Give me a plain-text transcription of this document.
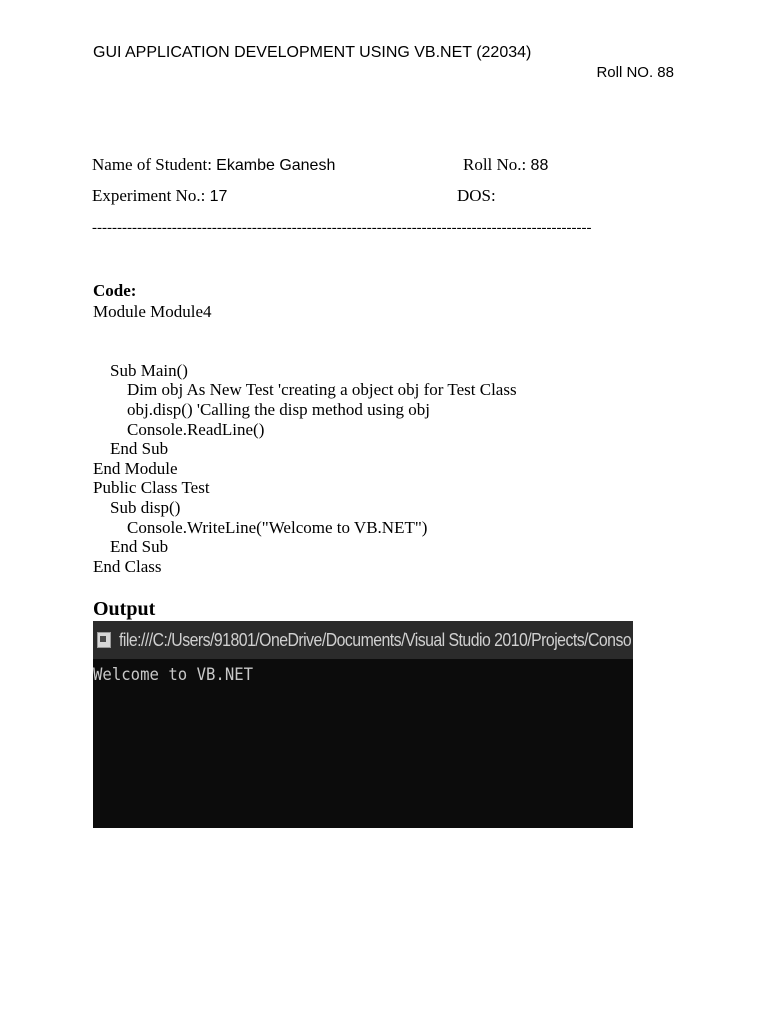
GUI APPLICATION DEVELOPMENT USING VB.NET (22034)
Roll NO. 88
Name of Student: Ekambe Ganesh	Roll No.: 88
Experiment No.: 17	DOS:
----------------------------------------------------------------------------------------------------
Code:
Module Module4
Sub Main()
Dim obj As New Test 'creating a object obj for Test Class
obj.disp() 'Calling the disp method using obj
Console.ReadLine()
End Sub
End Module
Public Class Test
Sub disp()
Console.WriteLine("Welcome to VB.NET")
End Sub
End Class
Output
file:///C:/Users/91801/OneDrive/Documents/Visual Studio 2010/Projects/Conso
Welcome to VB.NET
